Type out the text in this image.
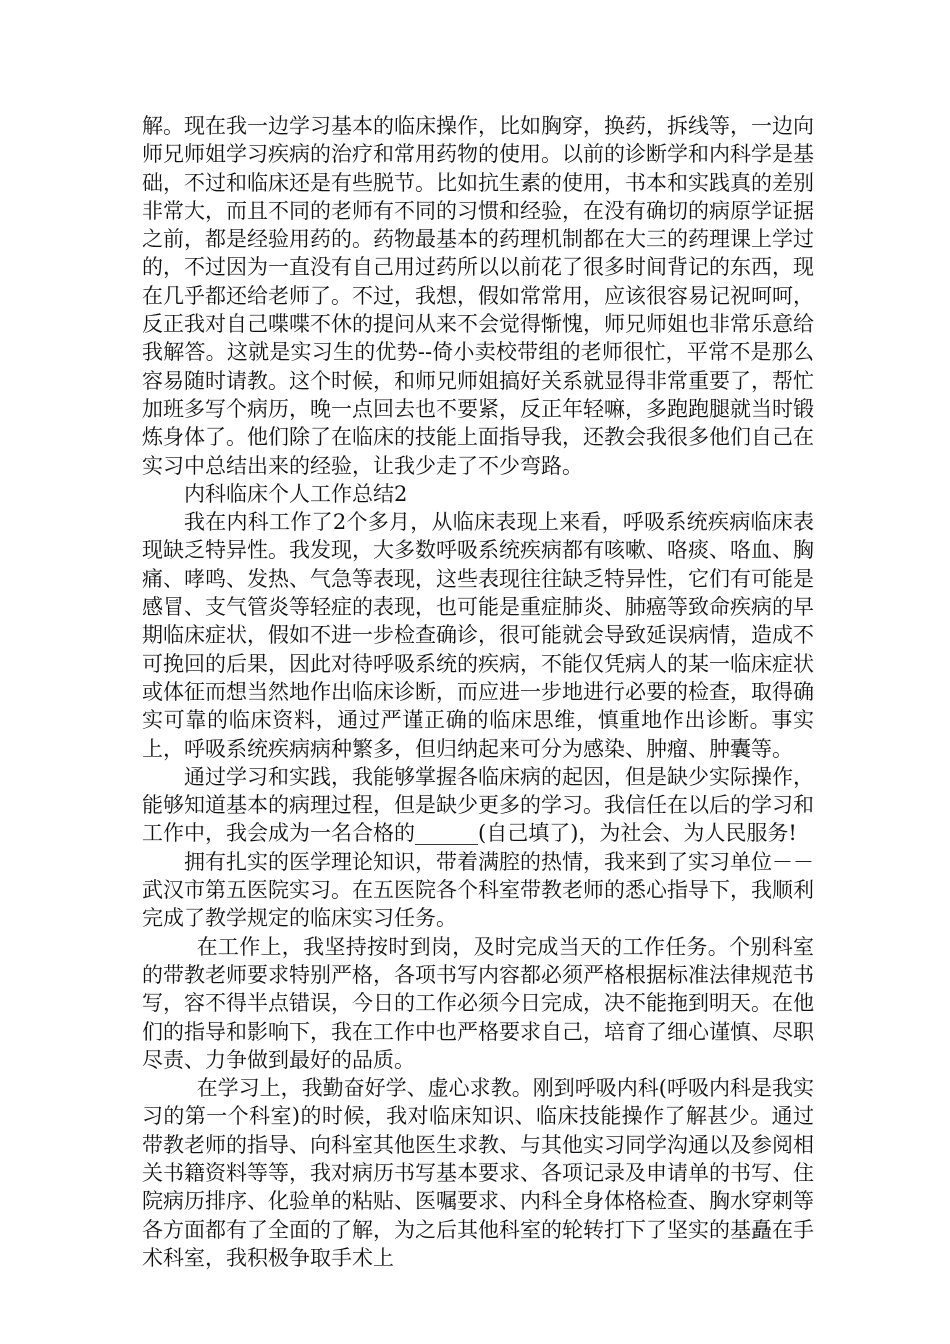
解。现在我一边学习基本的临床操作，比如胸穿，换药，拆线等，一边向师兄师姐学习疾病的治疗和常用药物的使用。以前的诊断学和内科学是基础，不过和临床还是有些脱节。比如抗生素的使用，书本和实践真的差别非常大，而且不同的老师有不同的习惯和经验，在没有确切的病原学证据之前，都是经验用药的。药物最基本的药理机制都在大三的药理课上学过的，不过因为一直没有自己用过药所以以前花了很多时间背记的东西，现在几乎都还给老师了。不过，我想，假如常常用，应该很容易记祝呵呵，反正我对自己喋喋不休的提问从来不会觉得惭愧，师兄师姐也非常乐意给我解答。这就是实习生的优势--倚小卖校带组的老师很忙，平常不是那么容易随时请教。这个时候，和师兄师姐搞好关系就显得非常重要了，帮忙加班多写个病历，晚一点回去也不要紧，反正年轻嘛，多跑跑腿就当时锻炼身体了。他们除了在临床的技能上面指导我，还教会我很多他们自己在实习中总结出来的经验，让我少走了不少弯路。

内科临床个人工作总结2

我在内科工作了2个多月，从临床表现上来看，呼吸系统疾病临床表现缺乏特异性。我发现，大多数呼吸系统疾病都有咳嗽、咯痰、咯血、胸痛、哮鸣、发热、气急等表现，这些表现往往缺乏特异性，它们有可能是感冒、支气管炎等轻症的表现，也可能是重症肺炎、肺癌等致命疾病的早期临床症状，假如不进一步检查确诊，很可能就会导致延误病情，造成不可挽回的后果，因此对待呼吸系统的疾病，不能仅凭病人的某一临床症状或体征而想当然地作出临床诊断，而应进一步地进行必要的检查，取得确实可靠的临床资料，通过严谨正确的临床思维，慎重地作出诊断。事实上，呼吸系统疾病病种繁多，但归纳起来可分为感染、肿瘤、肿囊等。

通过学习和实践，我能够掌握各临床病的起因，但是缺少实际操作，能够知道基本的病理过程，但是缺少更多的学习。我信任在以后的学习和工作中，我会成为一名合格的______(自己填了)，为社会、为人民服务!

拥有扎实的医学理论知识，带着满腔的热情，我来到了实习单位－－武汉市第五医院实习。在五医院各个科室带教老师的悉心指导下，我顺利完成了教学规定的临床实习任务。

在工作上，我坚持按时到岗，及时完成当天的工作任务。个别科室的带教老师要求特别严格，各项书写内容都必须严格根据标准法律规范书写，容不得半点错误，今日的工作必须今日完成，决不能拖到明天。在他们的指导和影响下，我在工作中也严格要求自己，培育了细心谨慎、尽职尽责、力争做到最好的品质。

在学习上，我勤奋好学、虚心求教。刚到呼吸内科(呼吸内科是我实习的第一个科室)的时候，我对临床知识、临床技能操作了解甚少。通过带教老师的指导、向科室其他医生求教、与其他实习同学沟通以及参阅相关书籍资料等等，我对病历书写基本要求、各项记录及申请单的书写、住院病历排序、化验单的粘贴、医嘱要求、内科全身体格检查、胸水穿刺等各方面都有了全面的了解，为之后其他科室的轮转打下了坚实的基矗在手术科室，我积极争取手术上
